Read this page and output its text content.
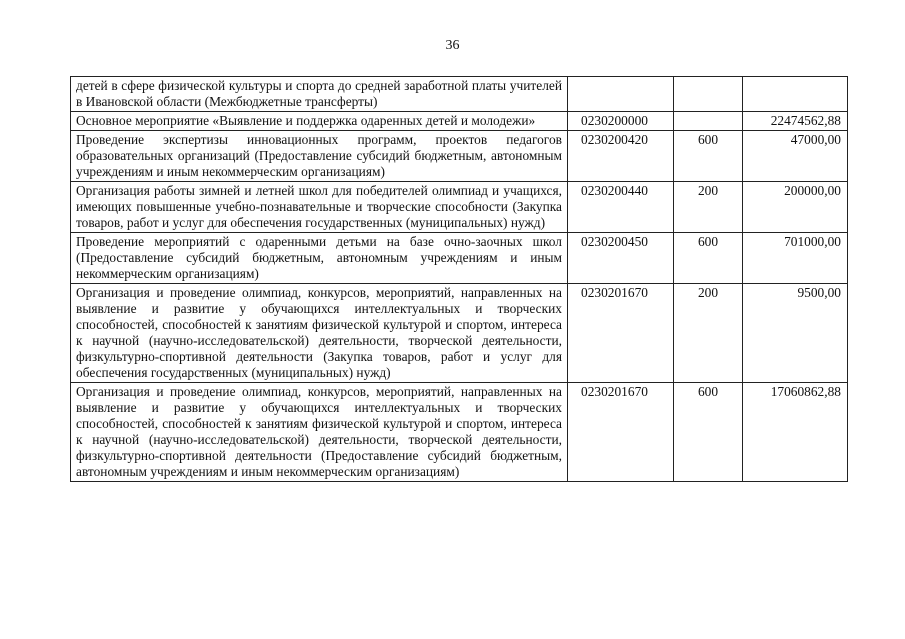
36
детей в сфере физической культуры и спорта до средней заработной платы учителей в Ивановской области (Межбюджетные трансферты)			
Основное мероприятие «Выявление и поддержка одаренных детей и молодежи»	0230200000		22474562,88
Проведение экспертизы инновационных программ, проектов педагогов образовательных организаций (Предоставление субсидий бюджетным, автономным учреждениям и иным некоммерческим организациям)	0230200420	600	47000,00
Организация работы зимней и летней школ для победителей олимпиад и учащихся, имеющих повышенные учебно-познавательные и творческие способности (Закупка товаров, работ и услуг для обеспечения государственных (муниципальных) нужд)	0230200440	200	200000,00
Проведение мероприятий с одаренными детьми на базе очно-заочных школ (Предоставление субсидий бюджетным, автономным учреждениям и иным некоммерческим организациям)	0230200450	600	701000,00
Организация и проведение олимпиад, конкурсов, мероприятий, направленных на выявление и развитие у обучающихся интеллектуальных и творческих способностей, способностей к занятиям физической культурой и спортом, интереса к научной (научно-исследовательской) деятельности, творческой деятельности, физкультурно-спортивной деятельности (Закупка товаров, работ и услуг для обеспечения государственных (муниципальных) нужд)	0230201670	200	9500,00
Организация и проведение олимпиад, конкурсов, мероприятий, направленных на выявление и развитие у обучающихся интеллектуальных и творческих способностей, способностей к занятиям физической культурой и спортом, интереса к научной (научно-исследовательской) деятельности, творческой деятельности, физкультурно-спортивной деятельности (Предоставление субсидий бюджетным, автономным учреждениям и иным некоммерческим организациям)	0230201670	600	17060862,88
